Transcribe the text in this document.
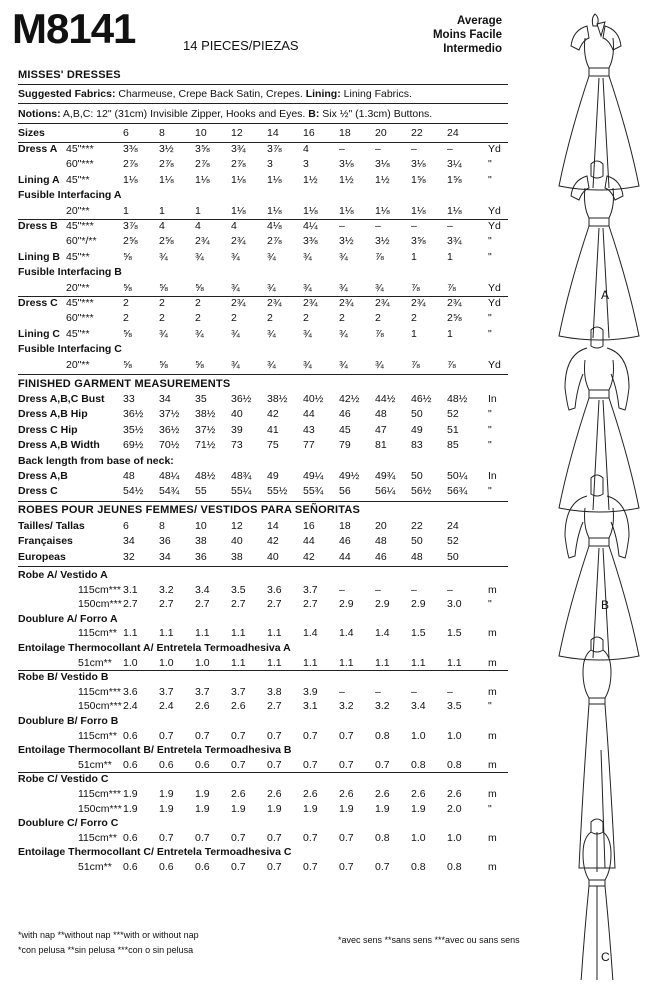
M8141	14 PIECES/PIEZAS
Average
Moins Facile
Intermedio
MISSES' DRESSES
Suggested Fabrics: Charmeuse, Crepe Back Satin, Crepes. Lining: Lining Fabrics.
Notions: A,B,C: 12" (31cm) Invisible Zipper, Hooks and Eyes. B: Six ½" (1.3cm) Buttons.
Sizes	6	8	10 12 14 16 18 20 22 24
Dress A 45"***	3⅜ 3½ 3⅝ 3¾ 3⅞ 4	–	–	–	–	Yd
60"***	2⅞ 2⅞ 2⅞ 2⅞ 3	3	3⅛ 3⅛ 3⅛ 3¼	"
Lining A 45"**	1⅛ 1⅛ 1⅛ 1⅛ 1⅛ 1½ 1½ 1½ 1⅝ 1⅝	"
Fusible Interfacing A
20"**	1	1	1	1⅛ 1⅛ 1⅛ 1⅛ 1⅛ 1⅛ 1⅛	Yd
Dress B 45"***	3⅞ 4	4	4	4⅛ 4¼ –	–	–	–	Yd
60"*/**	2⅝ 2⅝ 2¾ 2¾ 2⅞ 3⅜ 3½ 3½ 3⅝ 3¾	"
Lining B 45"**	⅝	¾	¾	¾	¾	¾	¾	⅞	1	1	"
Fusible Interfacing B
20"**	⅝	⅝	⅝	¾	¾	¾	¾	¾	⅞	⅞	Yd
Dress C 45"***	2	2	2	2¾ 2¾ 2¾ 2¾ 2¾ 2¾ 2¾	Yd
60"***	2	2	2	2	2	2	2	2	2	2⅝	"
Lining C 45"**	⅝	¾	¾	¾	¾	¾	¾	⅞	1	1	"
Fusible Interfacing C
20"**	⅝	⅝	⅝	¾	¾	¾	¾	¾	⅞	⅞	Yd
FINISHED GARMENT MEASUREMENTS
Dress A,B,C Bust 33 34 35 36½ 38½ 40½ 42½ 44½ 46½ 48½ In
Dress A,B Hip	36½ 37½ 38½ 40 42 44 46 48 50 52	"
Dress C Hip	35½ 36½ 37½ 39 41 43 45 47 49 51	"
Dress A,B Width 69½ 70½ 71½ 73 75 77 79 81 83 85	"
Back length from base of neck:
Dress A,B	48 48¼ 48½ 48¾ 49 49¼ 49½ 49¾ 50 50¼ In
Dress C	54½ 54¾ 55 55¼ 55½ 55¾ 56 56¼ 56½ 56¾ "
ROBES POUR JEUNES FEMMES/ VESTIDOS PARA SEÑORITAS
Tailles/ Tallas	6	8	10 12 14 16 18 20 22 24
Françaises	34 36 38 40 42 44 46 48 50 52
Europeas	32 34 36 38 40 42 44 46 48 50
Robe A/ Vestido A
115cm*** 3.1 3.2 3.4 3.5 3.6 3.7 –	–	–	–	m
150cm*** 2.7 2.7 2.7 2.7 2.7 2.7 2.9 2.9 2.9 3.0	"
Doublure A/ Forro A
115cm** 1.1 1.1 1.1 1.1 1.1 1.4 1.4 1.4 1.5 1.5	m
Entoilage Thermocollant A/ Entretela Termoadhesiva A
51cm** 1.0 1.0 1.0 1.1 1.1 1.1 1.1 1.1 1.1 1.1	m
Robe B/ Vestido B
115cm*** 3.6 3.7 3.7 3.7 3.8 3.9 –	–	–	–	m
150cm*** 2.4 2.4 2.6 2.6 2.7 3.1 3.2 3.2 3.4 3.5	"
Doublure B/ Forro B
115cm** 0.6 0.7 0.7 0.7 0.7 0.7 0.7 0.8 1.0 1.0	m
Entoilage Thermocollant B/ Entretela Termoadhesiva B
51cm** 0.6 0.6 0.6 0.7 0.7 0.7 0.7 0.7 0.8 0.8	m
Robe C/ Vestido C
115cm*** 1.9 1.9 1.9 2.6 2.6 2.6 2.6 2.6 2.6 2.6	m
150cm*** 1.9 1.9 1.9 1.9 1.9 1.9 1.9 1.9 1.9 2.0	"
Doublure C/ Forro C
115cm** 0.6 0.7 0.7 0.7 0.7 0.7 0.7 0.8 1.0 1.0	m
Entoilage Thermocollant C/ Entretela Termoadhesiva C
51cm** 0.6 0.6 0.6 0.7 0.7 0.7 0.7 0.7 0.8 0.8	m
*with nap **without nap ***with or without nap
*con pelusa **sin pelusa ***con o sin pelusa
*avec sens **sans sens ***avec ou sans sens
A
B
C
